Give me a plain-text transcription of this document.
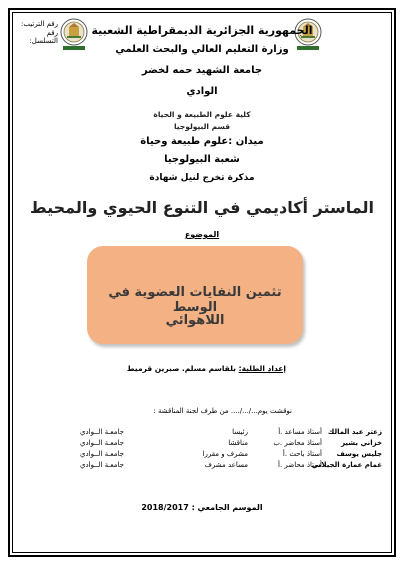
رقم الترتيب:
رقم التسلسل:
الجمهورية الجزائرية الديمقراطية الشعبية
وزارة التعليم العالي والبحث العلمي
جامعة الشهيد حمه لخضر
الوادي
كلية علوم الطبيعة و الحياة
قسم البيولوجيا
ميدان :علوم طبيعة وحياة
شعبة البيولوجيا
مذكرة تخرج لنيل شهادة
الماستر أكاديمي في التنوع الحيوي والمحيط
الموضوع
تثمين النفايات العضوية في الوسط
اللاهوائي
إعداد الطلبة: بلقاسم مسلم. صبرين قرميط
نوقشت يوم.../.../.... من طرف لجنة المناقشة :
زعتر عبد المالك
أستاذ مساعد .أ
رئيسا
جامعـة الــوادي
خزاني بشير
أستاذ محاضر .ب
مناقشا
جامعـة الــوادي
جليس يوسف
أستاذ باحث .أ
مشرف و مقررا
جامعـة الــوادي
غمام عمارة الجيلاني
أستاذ محاضر .أ
مساعد مشرف
جامعـة الــوادي
الموسم الجامعي : 2018/2017
